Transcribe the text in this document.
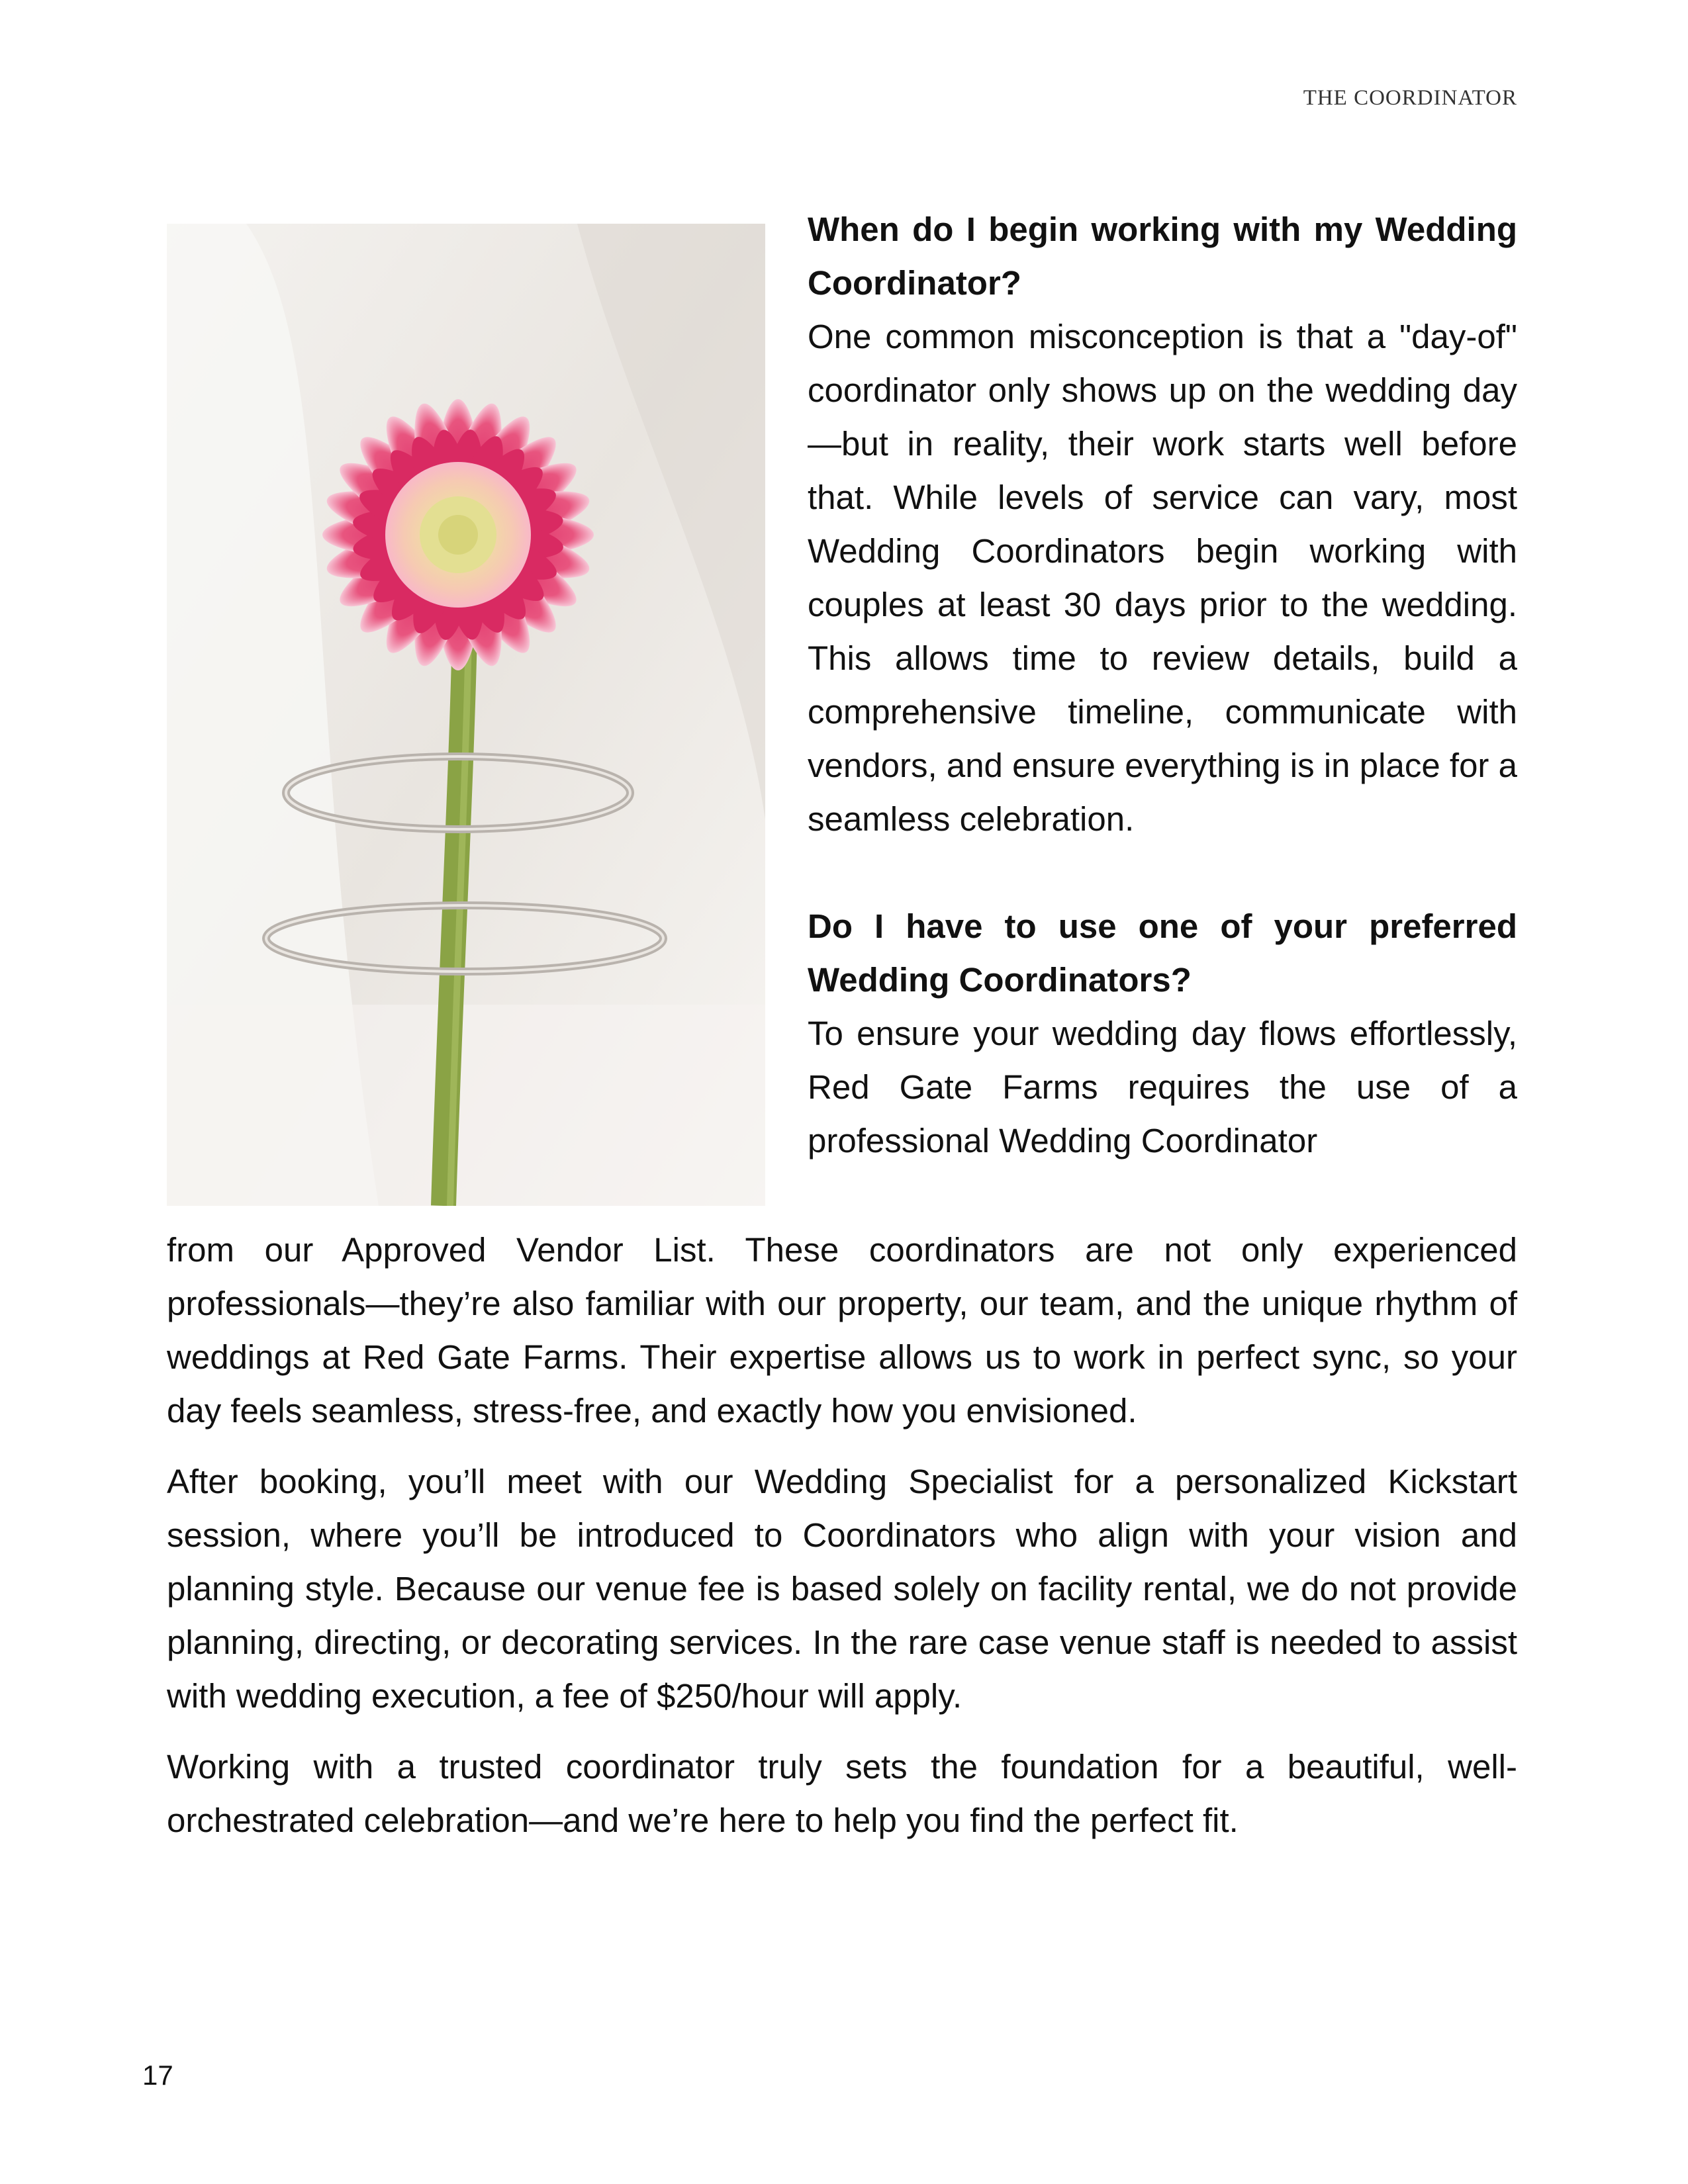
THE COORDINATOR

When do I begin working with my Wedding Coordinator?

One common misconception is that a "day-of" coordinator only shows up on the wedding day—but in reality, their work starts well before that. While levels of service can vary, most Wedding Coordinators begin working with couples at least 30 days prior to the wedding. This allows time to review details, build a comprehensive timeline, communicate with vendors, and ensure everything is in place for a seamless celebration.

Do I have to use one of your preferred Wedding Coordinators?

To ensure your wedding day flows effortlessly, Red Gate Farms requires the use of a professional Wedding Coordinator

from our Approved Vendor List. These coordinators are not only experienced professionals—they’re also familiar with our property, our team, and the unique rhythm of weddings at Red Gate Farms. Their expertise allows us to work in perfect sync, so your day feels seamless, stress-free, and exactly how you envisioned.

After booking, you’ll meet with our Wedding Specialist for a personalized Kickstart session, where you’ll be introduced to Coordinators who align with your vision and planning style. Because our venue fee is based solely on facility rental, we do not provide planning, directing, or decorating services. In the rare case venue staff is needed to assist with wedding execution, a fee of $250/hour will apply.

Working with a trusted coordinator truly sets the foundation for a beautiful, well-orchestrated celebration—and we’re here to help you find the perfect fit.

17
